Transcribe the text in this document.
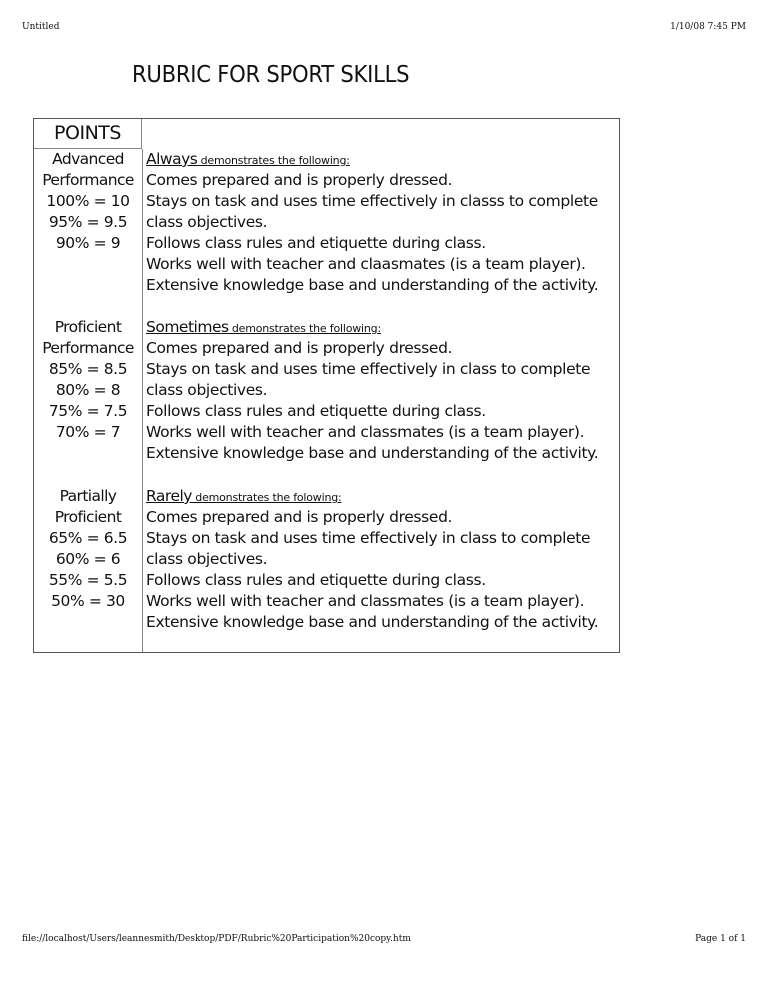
Untitled	1/10/08 7:45 PM
RUBRIC FOR SPORT SKILLS
POINTS
Advanced
Performance
100% = 10
95% = 9.5
90% = 9
Always demonstrates the following:
Comes prepared and is properly dressed.
Stays on task and uses time effectively in classs to complete
class objectives.
Follows class rules and etiquette during class.
Works well with teacher and claasmates (is a team player).
Extensive knowledge base and understanding of the activity.
Proficient
Performance
85% = 8.5
80% = 8
75% = 7.5
70% = 7
Sometimes demonstrates the following:
Comes prepared and is properly dressed.
Stays on task and uses time effectively in class to complete
class objectives.
Follows class rules and etiquette during class.
Works well with teacher and classmates (is a team player).
Extensive knowledge base and understanding of the activity.
Partially
Proficient
65% = 6.5
60% = 6
55% = 5.5
50% = 30
Rarely demonstrates the folowing:
Comes prepared and is properly dressed.
Stays on task and uses time effectively in class to complete
class objectives.
Follows class rules and etiquette during class.
Works well with teacher and classmates (is a team player).
Extensive knowledge base and understanding of the activity.
file://localhost/Users/leannesmith/Desktop/PDF/Rubric%20Participation%20copy.htm	Page 1 of 1
